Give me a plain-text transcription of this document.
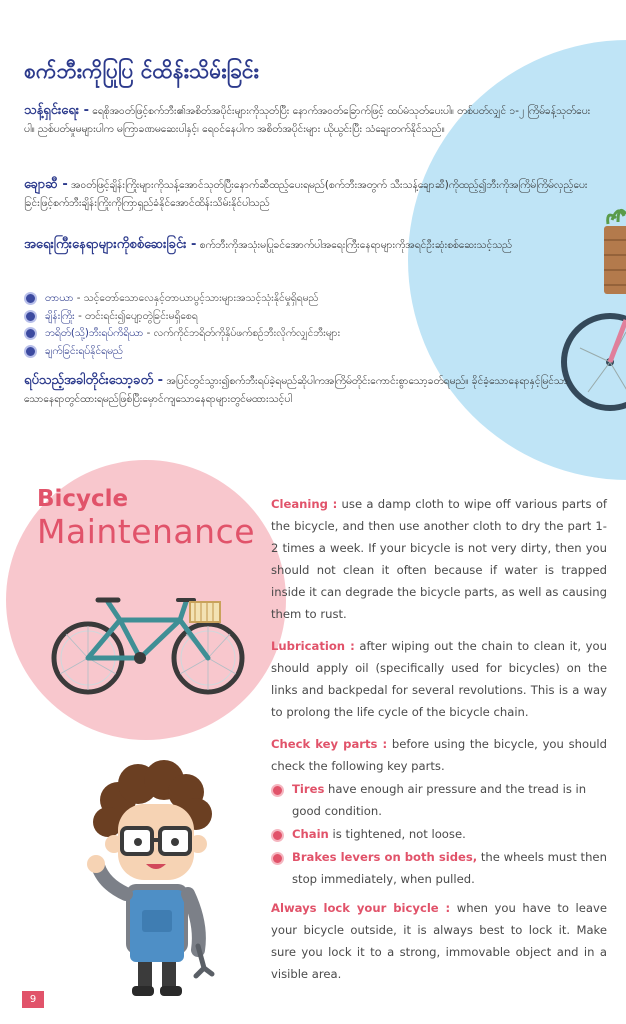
စက်ဘီးကိုပြုပြ င်ထိန်းသိမ်းခြင်း
သန့်ရှင်းရေး - ရေစိုအဝတ်ဖြင့်စက်ဘီး၏အစိတ်အပိုင်းများကိုသုတ်ပြီး နောက်အဝတ်ခြောက်ဖြင့် ထပ်မံသုတ်ပေးပါ။ တစ်ပတ်လျှင် ၁-၂ ကြိမ်ခန့်သုတ်ပေးပါ။ ညစ်ပတ်မှုမများပါက မကြာခဏမဆေးပါနှင့်၊ ရေဝင်နေပါက အစိတ်အပိုင်းများ ယိုယွင်းပြီး သံချေးတက်နိုင်သည်။
ချောဆီ - အဝတ်ဖြင့်ချိန်းကြိုးများကိုသန့်အောင်သုတ်ပြီးနောက်ဆီထည့်ပေးရမည်(စက်ဘီးအတွက် သီးသန့်ချောဆီ)ကိုထည့်၍ဘီးကိုအကြိမ်ကြိမ်လှည့်ပေးခြင်းဖြင့်စက်ဘီးချိန်းကြိုးကိုကြာရှည်ခံနိုင်အောင်ထိန်းသိမ်းနိုင်ပါသည်
အရေးကြီးနေရာများကိုစစ်ဆေးခြင်း - စက်ဘီးကိုအသုံးမပြုခင်အောက်ပါအရေးကြီးနေရာများကိုအရင်ဦးဆုံးစစ်ဆေးသင့်သည်
တာယာ - သင့်တော်သောလေနှင့်တာယာပွင့်သားများအသင့်သုံးနိုင်မှုရှိရမည်
ချိန်းကြိုး - တင်းရင်း၍ပျော့တွဲခြင်းမရှိစေရ
ဘရိတ်(သို့)ဘီးရပ်ကိရိယာ - လက်ကိုင်ဘရိတ်ကိုနှိပ်ဖက်စဉ်ဘီးလိုက်လျှင်ဘီးများ
ချက်ခြင်းရပ်နိုင်ရမည်
ရပ်သည့်အခါတိုင်းသော့ခတ် - အပြင်တွင်သွား၍စက်ဘီးရပ်ခဲ့ရမည်ဆိုပါကအကြိမ်တိုင်းကောင်းစွာသော့ခတ်ရမည်။ ခိုင်ခံ့သောနေရာနှင့်မြင်သာသောနေရာတွင်ထားရမည်ဖြစ်ပြီးမှောင်ကျသောနေရာများတွင်မထားသင့်ပါ
Bicycle
Maintenance
Cleaning : use a damp cloth to wipe off various parts of the bicycle, and then use another cloth to dry the part 1-2 times a week. If your bicycle is not very dirty, then you should not clean it often because if water is trapped inside it can degrade the bicycle parts, as well as causing them to rust.
Lubrication : after wiping out the chain to clean it, you should apply oil (specifically used for bicycles) on the links and backpedal for several revolutions. This is a way to prolong the life cycle of the bicycle chain.
Check key parts : before using the bicycle, you should check the following key parts.
Tires have enough air pressure and the tread is in good condition.
Chain is tightened, not loose.
Brakes levers on both sides, the wheels must then stop immediately, when pulled.
Always lock your bicycle : when you have to leave your bicycle outside, it is always best to lock it. Make sure you lock it to a strong, immovable object and in a visible area.
9
